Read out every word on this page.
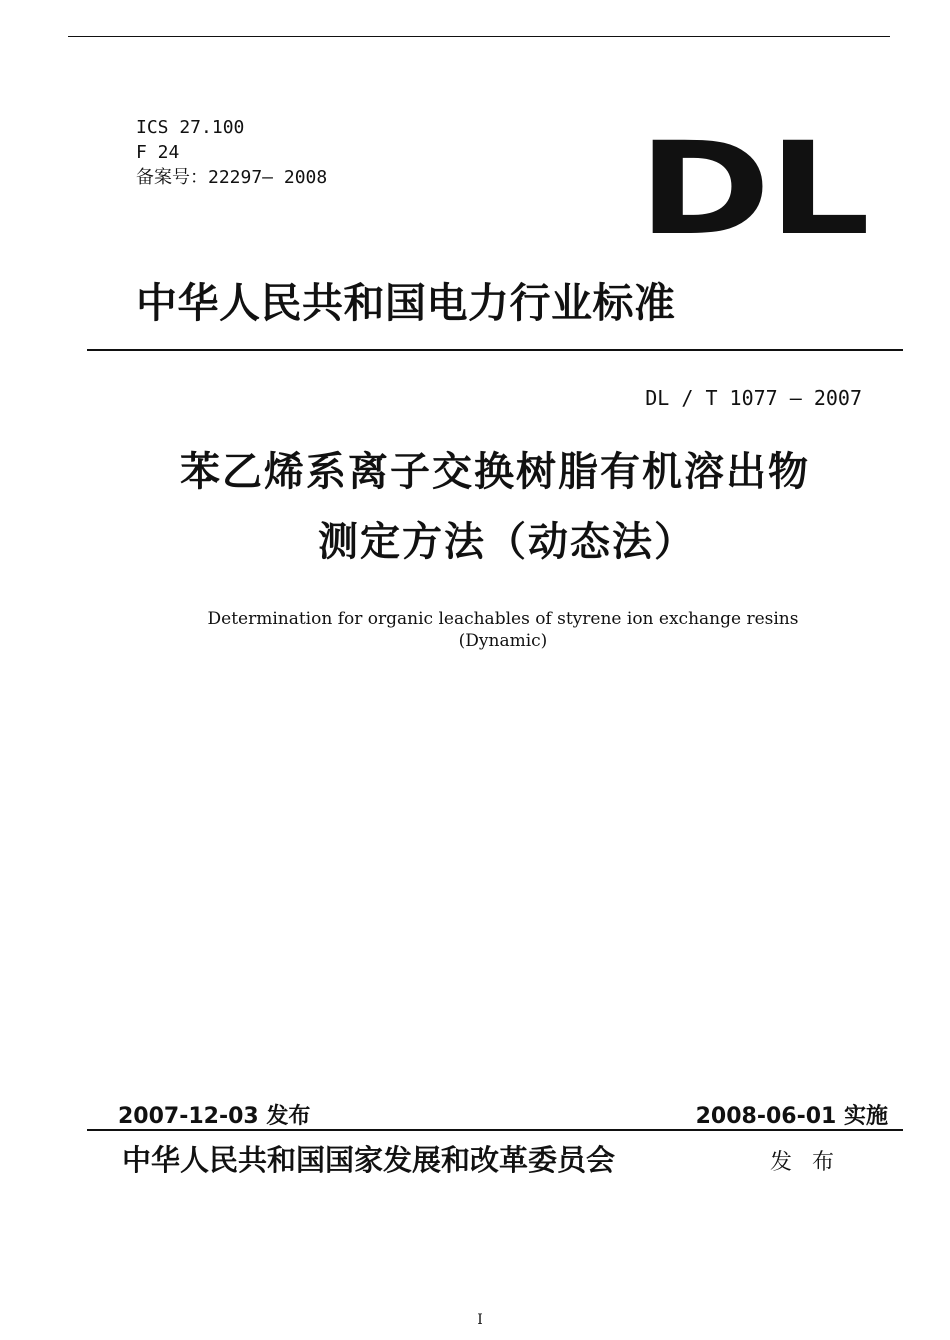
ICS 27.100
F 24
备案号：22297– 2008 DL
中华人民共和国电力行业标准
DL / T 1077 — 2007
苯乙烯系离子交换树脂有机溶出物
测定方法（动态法）
Determination for organic leachables of styrene ion exchange resins
(Dynamic)
2007-12-03 发布	2008-06-01 实施
中华人民共和国国家发展和改革委员会	发布
I
